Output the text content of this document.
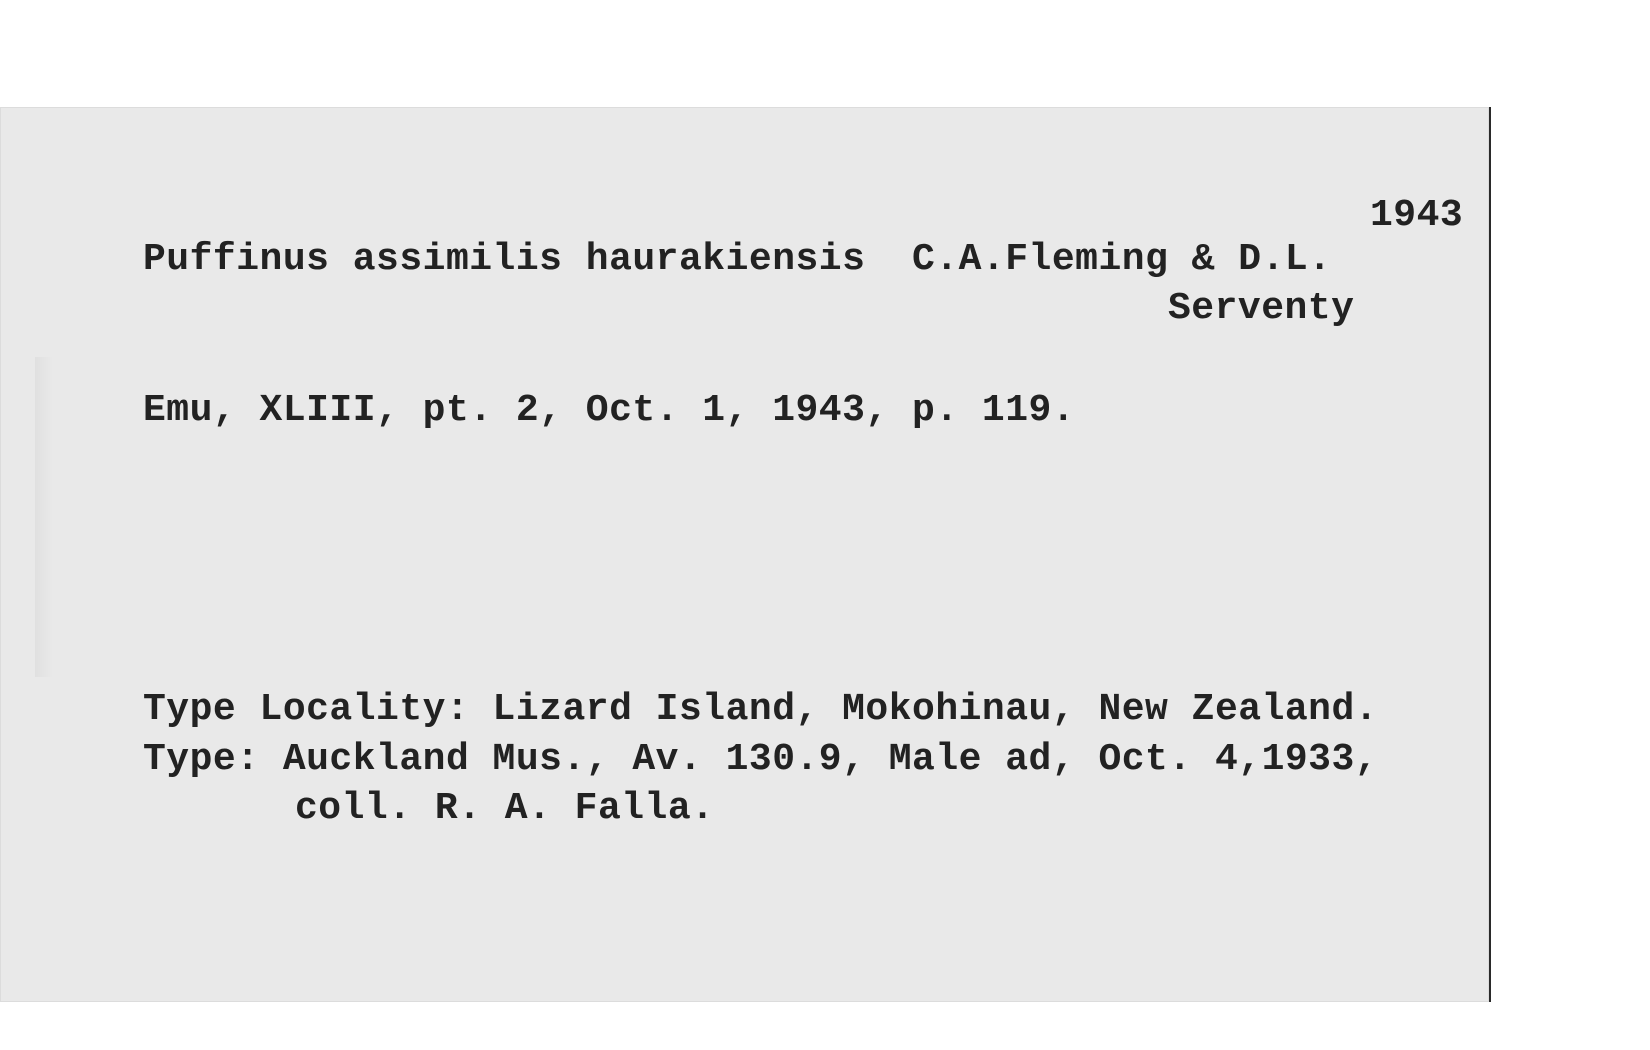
1943
Puffinus assimilis haurakiensis C.A.Fleming & D.L.
Serventy
Emu, XLIII, pt. 2, Oct. 1, 1943, p. 119.
Type Locality: Lizard Island, Mokohinau, New Zealand.
Type: Auckland Mus., Av. 130.9, Male ad, Oct. 4,1933,
coll. R. A. Falla.
